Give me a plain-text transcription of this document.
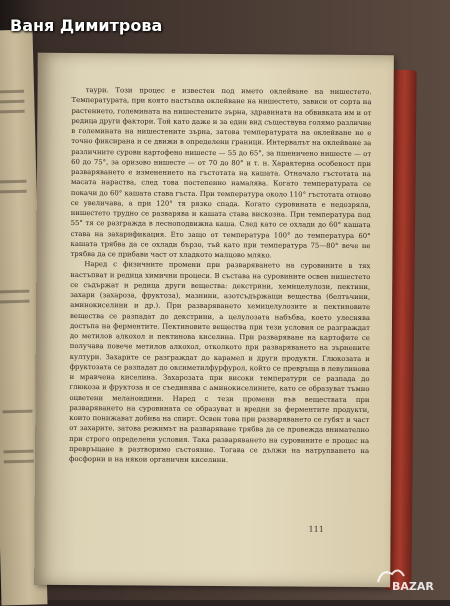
таури. Този процес е известен под името оклейване на нишестето. Температурата, при която настъпва оклейване на нишестето, зависи от сорта на растението, големината на нишестените зърна, здравината на обвивката им и от редица други фактори. Той като даже и за един вид съществува голямо различие в големината на нишестените зърна, затова температурата на оклейване не е точно фиксирана и се движи в определени граници. Интервалът на оклейване за различните сурови картофено нишесте — 55 до 65°, за пшеничено нишесте — от 60 до 75°, за оризово нишесте — от 70 до 80° и т. н. Характерна особеност при разваряването е изменението на гъстотата на кашата. Отначало гъстотата на масата нараства, след това постепенно намалява. Когато температурата се покачи до 60° кашата става гъста. При температура около 110° гъстотата отново се увеличава, а при 120° тя рязко спада. Когато суровината е недозряла, нишестето трудно се разварява и кашата става вискозна. При температура под 55° тя се разгражда в лесноподвижна каша. След като се охлади до 60° кашата става на захарификация. Ето защо от температура 100° до температура 60° кашата трябва да се охлади бързо, тъй като при температура 75—80° вече не трябва да се прибави част от хладкото малцово мляко.

Наред с физичните промени при разваряването на суровините в тях настъпват и редица химични процеси. В състава на суровините освен нишестето се съдържат и редица други вещества: декстрини, хемицелулози, пектини, захари (захароза, фруктоза), мазнини, азотсъдържащи вещества (белтъчини, аминокиселини и др.). При разваряването хемицелулозите и пектиновите вещества се разпадат до декстрини, а целулозата набъбва, което улеснява достъпа на ферментите. Пектиновите вещества при тези условия се разграждат до метилов алкохол и пектинова киселина. При разваряване на картофите се получава повече метилов алкохол, отколкото при разваряването на зърнените култури. Захарите се разграждат до карамел и други продукти. Глюкозата и фруктозата се разпадат до оксиметилфурфурол, който се превръща в левулинова и мравчена киселина. Захарозата при високи температури се разпада до глюкоза и фруктоза и се съединява с аминокиселините, като се образуват тъмно оцветени меланоидини. Наред с тези промени във веществата при разваряването на суровината се образуват и вредни за ферментите продукти, които понижават добива на спирт. Освен това при разваряването се губят и част от захарите, затова режимът на разваряване трябва да се провежда внимателно при строго определени условия. Така разваряването на суровините е процес на превръщане в разтворимо състояние. Тогава се дължи на натрупването на фосфорни и на някои органични киселини.

111
Ваня Димитрова
BAZAR
